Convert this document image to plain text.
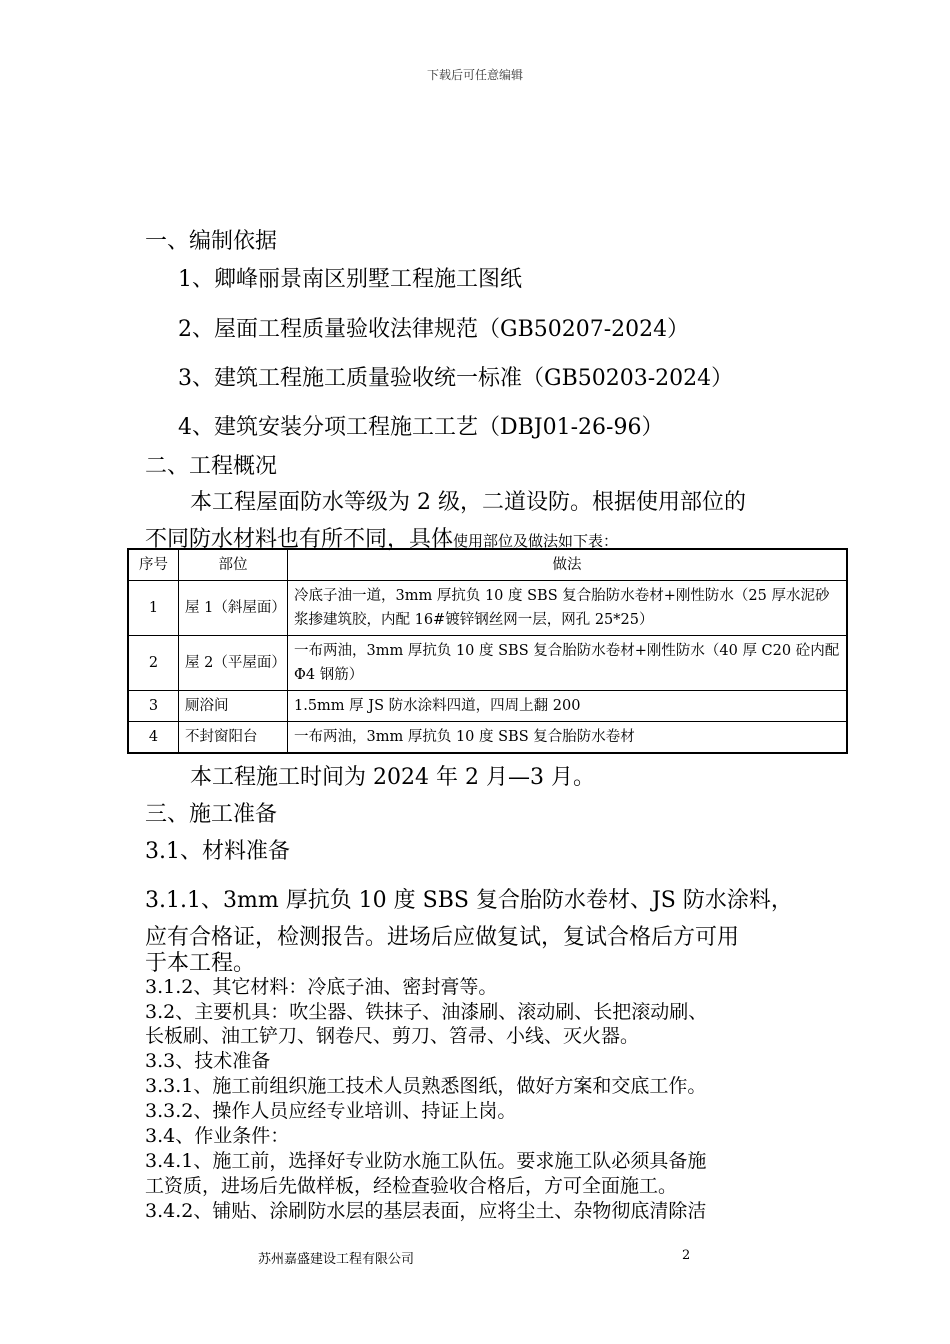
下载后可任意编辑
一、编制依据
1、卿峰丽景南区别墅工程施工图纸
2、屋面工程质量验收法律规范（GB50207-2024）
3、建筑工程施工质量验收统一标准（GB50203-2024）
4、建筑安装分项工程施工工艺（DBJ01-26-96）
二、工程概况
本工程屋面防水等级为 2 级，二道设防。根据使用部位的
不同防水材料也有所不同，具体使用部位及做法如下表：
序号	部位	做法
1	屋 1（斜屋面）	冷底子油一道，3mm 厚抗负 10 度 SBS 复合胎防水卷材+刚性防水（25 厚水泥砂浆掺建筑胶，内配 16#镀锌钢丝网一层，网孔 25*25）
2	屋 2（平屋面）	一布两油，3mm 厚抗负 10 度 SBS 复合胎防水卷材+刚性防水（40 厚 C20 砼内配 Φ4 钢筋）
3	厕浴间	1.5mm 厚 JS 防水涂料四道，四周上翻 200
4	不封窗阳台	一布两油，3mm 厚抗负 10 度 SBS 复合胎防水卷材
本工程施工时间为 2024 年 2 月—3 月。
三、施工准备
3.1、材料准备
3.1.1、3mm 厚抗负 10 度 SBS 复合胎防水卷材、JS 防水涂料，
应有合格证，检测报告。进场后应做复试，复试合格后方可用
于本工程。
3.1.2、其它材料：冷底子油、密封膏等。
3.2、主要机具：吹尘器、铁抹子、油漆刷、滚动刷、长把滚动刷、
长板刷、油工铲刀、钢卷尺、剪刀、笤帚、小线、灭火器。
3.3、技术准备
3.3.1、施工前组织施工技术人员熟悉图纸，做好方案和交底工作。
3.3.2、操作人员应经专业培训、持证上岗。
3.4、作业条件：
3.4.1、施工前，选择好专业防水施工队伍。要求施工队必须具备施
工资质，进场后先做样板，经检查验收合格后，方可全面施工。
3.4.2、铺贴、涂刷防水层的基层表面，应将尘土、杂物彻底清除洁
苏州嘉盛建设工程有限公司	2
